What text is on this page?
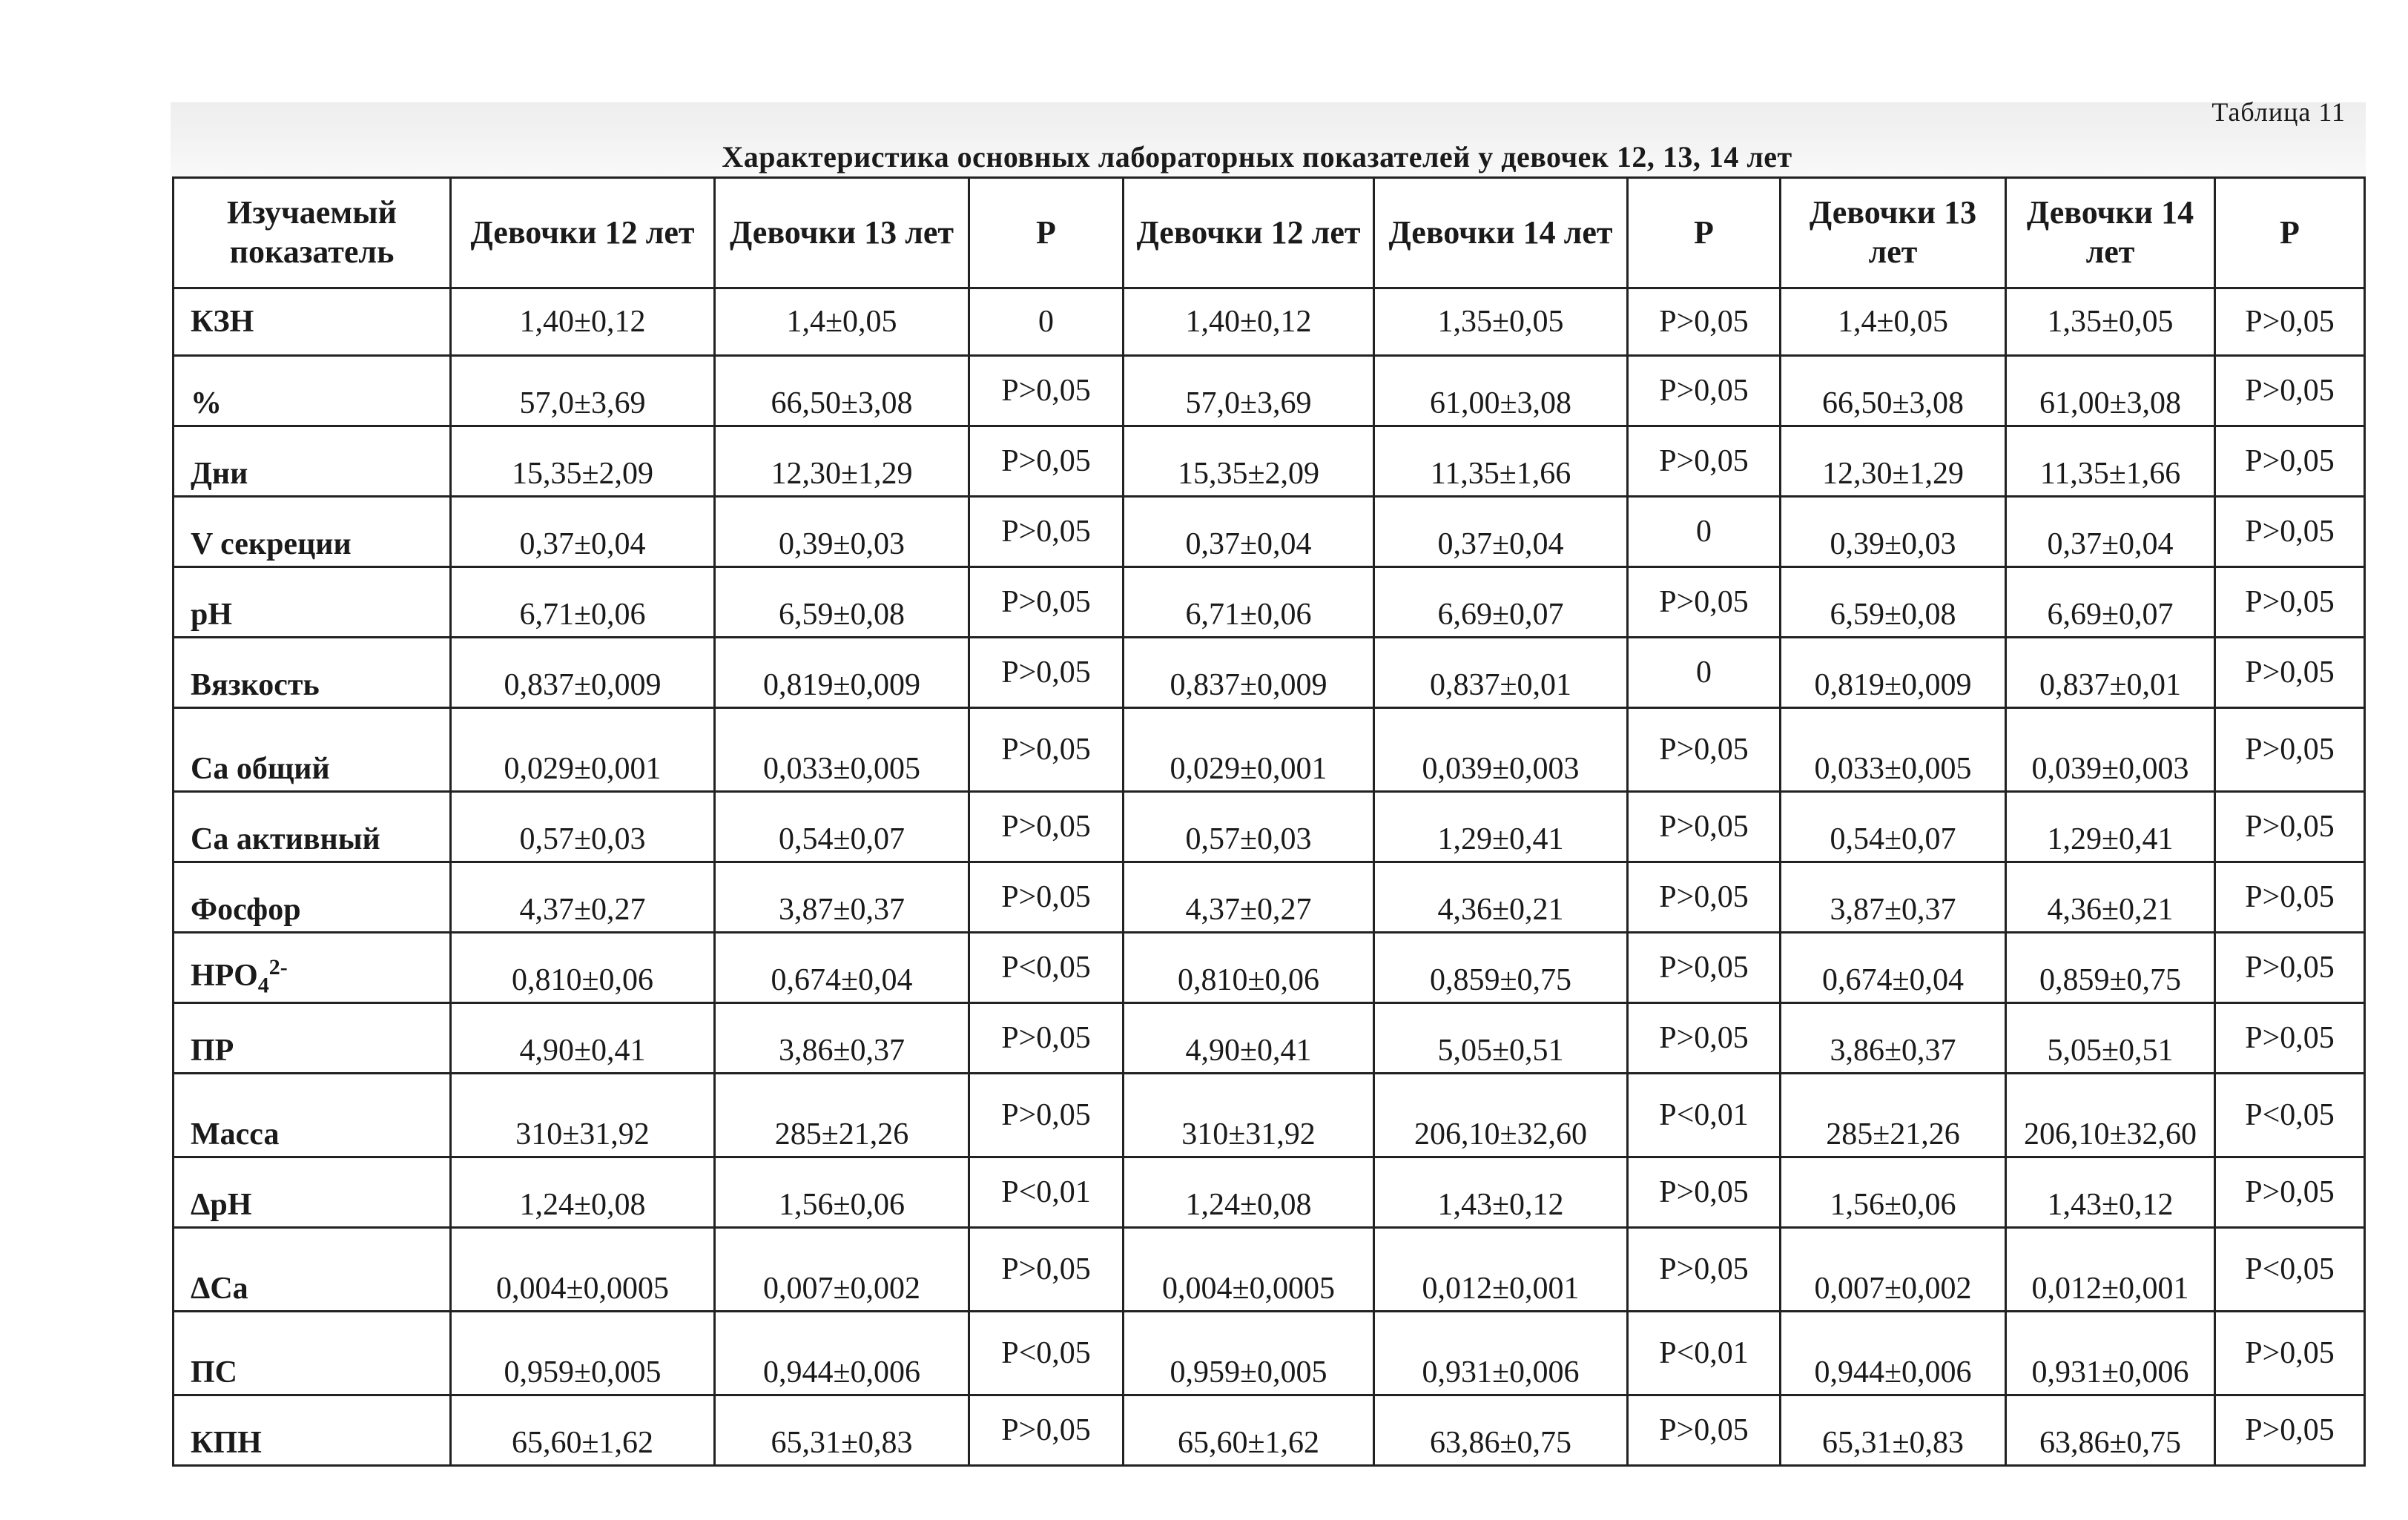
Таблица 11
Характеристика основных лабораторных показателей у девочек 12, 13, 14 лет
Изучаемый показатель	Девочки 12 лет	Девочки 13 лет	Р	Девочки 12 лет	Девочки 14 лет	Р	Девочки 13 лет	Девочки 14 лет	Р
КЗН	1,40±0,12	1,4±0,05	0	1,40±0,12	1,35±0,05	Р>0,05	1,4±0,05	1,35±0,05	Р>0,05
%	57,0±3,69	66,50±3,08	Р>0,05	57,0±3,69	61,00±3,08	Р>0,05	66,50±3,08	61,00±3,08	Р>0,05
Дни	15,35±2,09	12,30±1,29	Р>0,05	15,35±2,09	11,35±1,66	Р>0,05	12,30±1,29	11,35±1,66	Р>0,05
V секреции	0,37±0,04	0,39±0,03	Р>0,05	0,37±0,04	0,37±0,04	0	0,39±0,03	0,37±0,04	Р>0,05
рН	6,71±0,06	6,59±0,08	Р>0,05	6,71±0,06	6,69±0,07	Р>0,05	6,59±0,08	6,69±0,07	Р>0,05
Вязкость	0,837±0,009	0,819±0,009	Р>0,05	0,837±0,009	0,837±0,01	0	0,819±0,009	0,837±0,01	Р>0,05
Са общий	0,029±0,001	0,033±0,005	Р>0,05	0,029±0,001	0,039±0,003	Р>0,05	0,033±0,005	0,039±0,003	Р>0,05
Са активный	0,57±0,03	0,54±0,07	Р>0,05	0,57±0,03	1,29±0,41	Р>0,05	0,54±0,07	1,29±0,41	Р>0,05
Фосфор	4,37±0,27	3,87±0,37	Р>0,05	4,37±0,27	4,36±0,21	Р>0,05	3,87±0,37	4,36±0,21	Р>0,05
$НРО_4^{2-}$	0,810±0,06	0,674±0,04	Р<0,05	0,810±0,06	0,859±0,75	Р>0,05	0,674±0,04	0,859±0,75	Р>0,05
ПР	4,90±0,41	3,86±0,37	Р>0,05	4,90±0,41	5,05±0,51	Р>0,05	3,86±0,37	5,05±0,51	Р>0,05
Масса	310±31,92	285±21,26	Р>0,05	310±31,92	206,10±32,60	Р<0,01	285±21,26	206,10±32,60	Р<0,05
ΔрН	1,24±0,08	1,56±0,06	Р<0,01	1,24±0,08	1,43±0,12	Р>0,05	1,56±0,06	1,43±0,12	Р>0,05
ΔСа	0,004±0,0005	0,007±0,002	Р>0,05	0,004±0,0005	0,012±0,001	Р>0,05	0,007±0,002	0,012±0,001	Р<0,05
ПС	0,959±0,005	0,944±0,006	Р<0,05	0,959±0,005	0,931±0,006	Р<0,01	0,944±0,006	0,931±0,006	Р>0,05
КПН	65,60±1,62	65,31±0,83	Р>0,05	65,60±1,62	63,86±0,75	Р>0,05	65,31±0,83	63,86±0,75	Р>0,05
